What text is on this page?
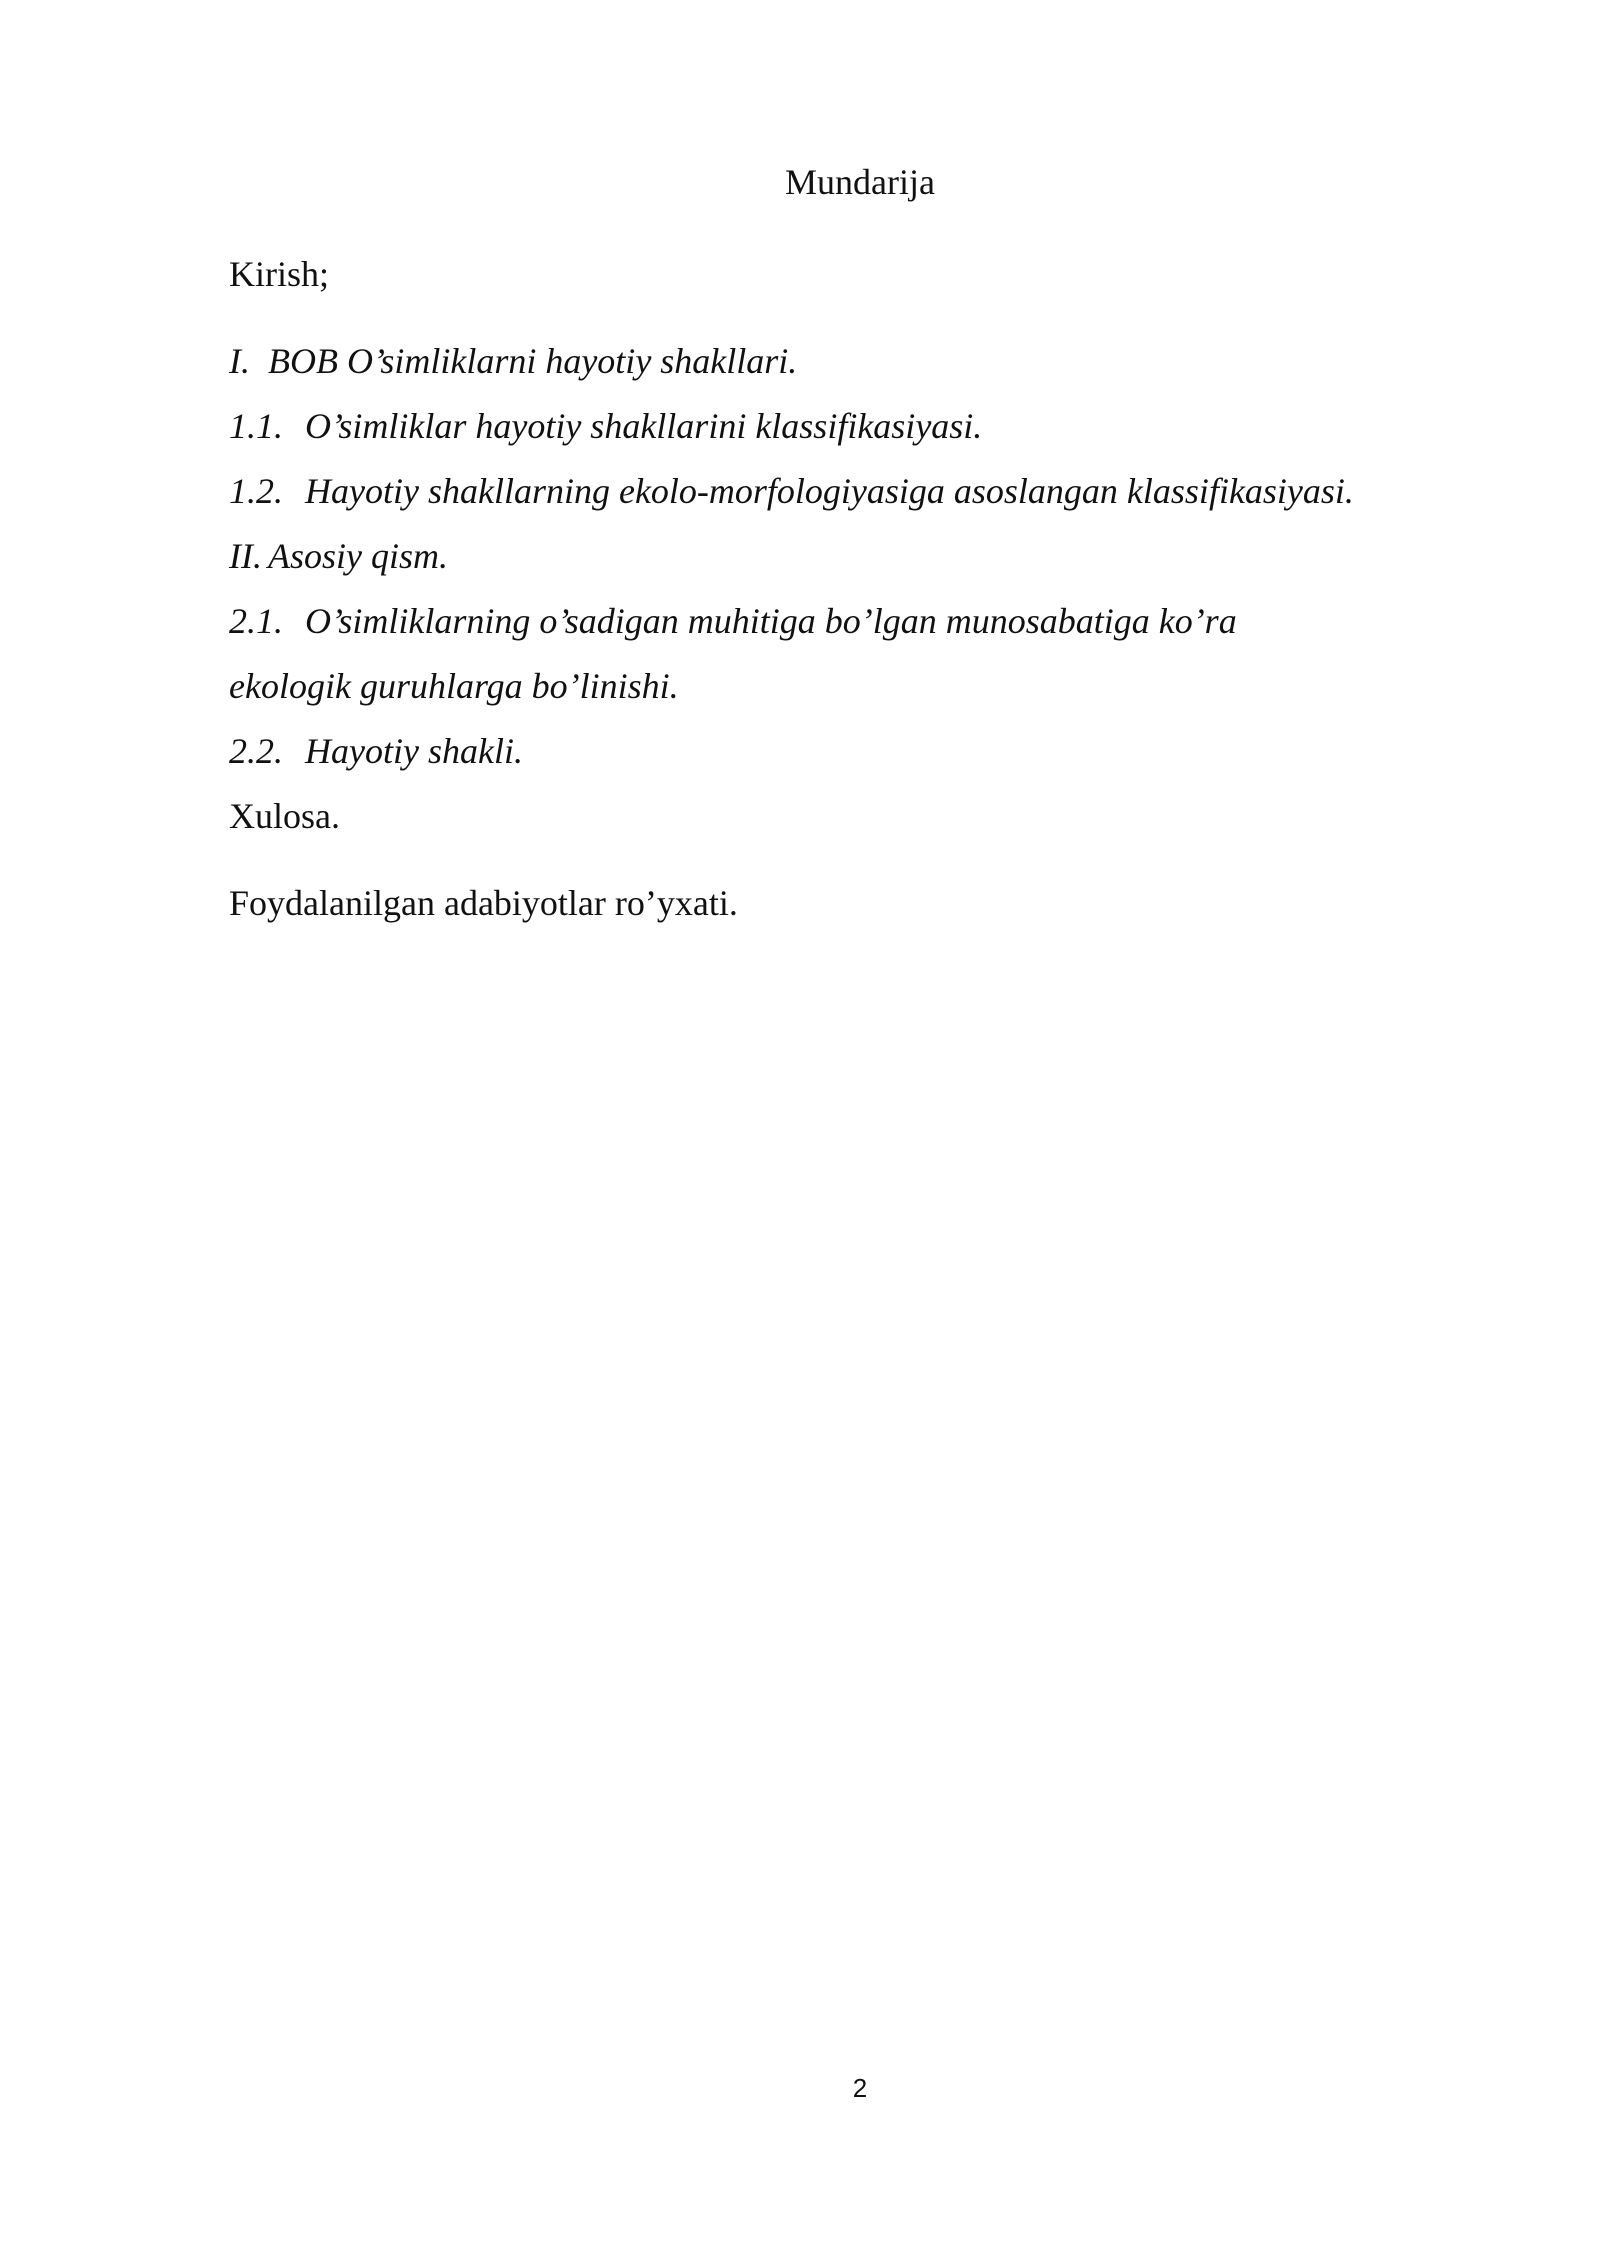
Mundarija
Kirish;
I. BOB O’simliklarni hayotiy shakllari.
1.1. O’simliklar hayotiy shakllarini klassifikasiyasi.
1.2. Hayotiy shakllarning ekolo-morfologiyasiga asoslangan klassifikasiyasi.
II. Asosiy qism.
2.1. O’simliklarning o’sadigan muhitiga bo’lgan munosabatiga ko’ra
ekologik guruhlarga bo’linishi.
2.2. Hayotiy shakli.
Xulosa.
Foydalanilgan adabiyotlar ro’yxati.
2
